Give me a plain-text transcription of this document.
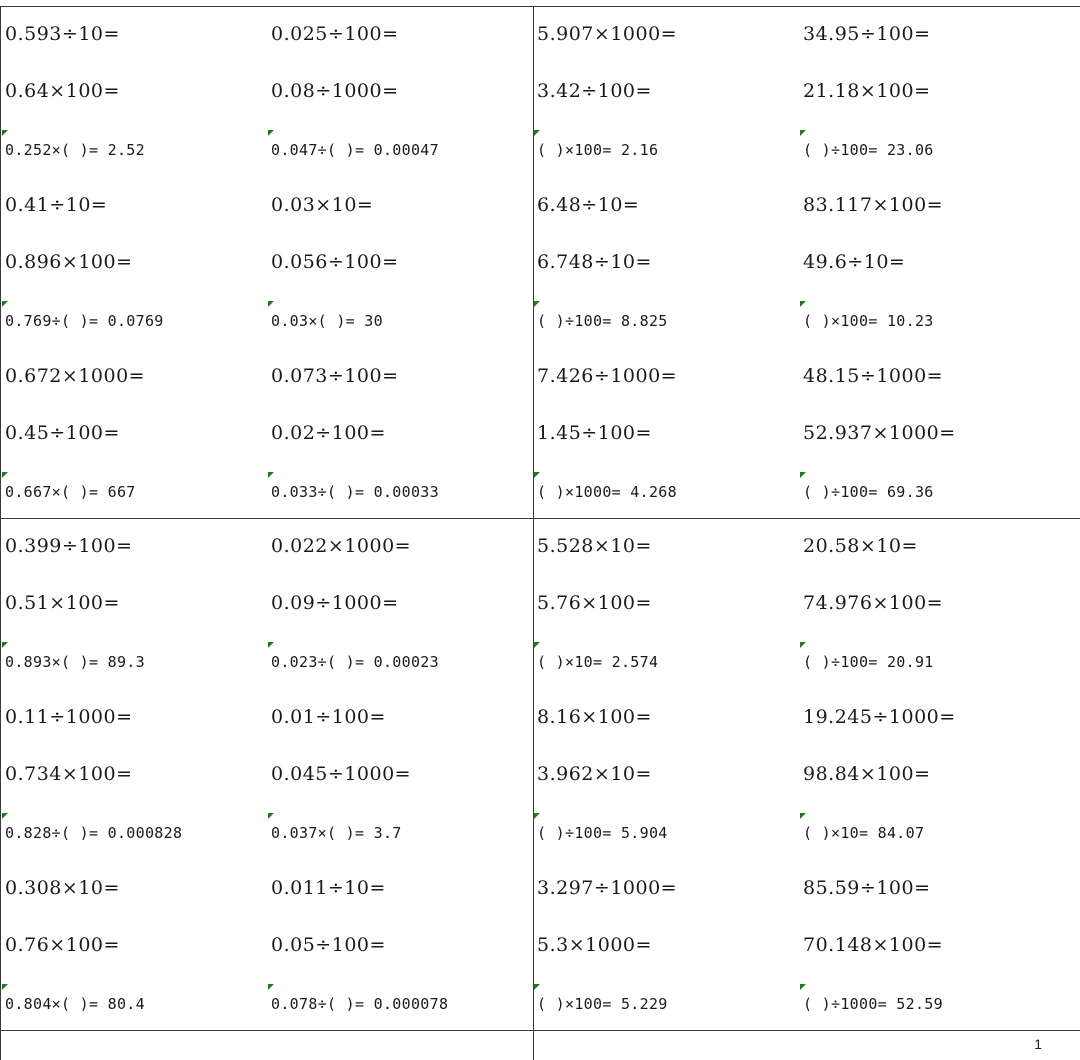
0.593÷10=	0.025÷100=
0.64×100=	0.08÷1000=
0.252×( )= 2.52	0.047÷( )= 0.00047
0.41÷10=	0.03×10=
0.896×100=	0.056÷100=
0.769÷( )= 0.0769	0.03×( )= 30
0.672×1000=	0.073÷100=
0.45÷100=	0.02÷100=
0.667×( )= 667	0.033÷( )= 0.00033
5.907×1000=	34.95÷100=
3.42÷100=	21.18×100=
( )×100= 2.16	( )÷100= 23.06
6.48÷10=	83.117×100=
6.748÷10=	49.6÷10=
( )÷100= 8.825	( )×100= 10.23
7.426÷1000=	48.15÷1000=
1.45÷100=	52.937×1000=
( )×1000= 4.268	( )÷100= 69.36
0.399÷100=	0.022×1000=
0.51×100=	0.09÷1000=
0.893×( )= 89.3	0.023÷( )= 0.00023
0.11÷1000=	0.01÷100=
0.734×100=	0.045÷1000=
0.828÷( )= 0.000828	0.037×( )= 3.7
0.308×10=	0.011÷10=
0.76×100=	0.05÷100=
0.804×( )= 80.4	0.078÷( )= 0.000078
5.528×10=	20.58×10=
5.76×100=	74.976×100=
( )×10= 2.574	( )÷100= 20.91
8.16×100=	19.245÷1000=
3.962×10=	98.84×100=
( )÷100= 5.904	( )×10= 84.07
3.297÷1000=	85.59÷100=
5.3×1000=	70.148×100=
( )×100= 5.229	( )÷1000= 52.59
1
